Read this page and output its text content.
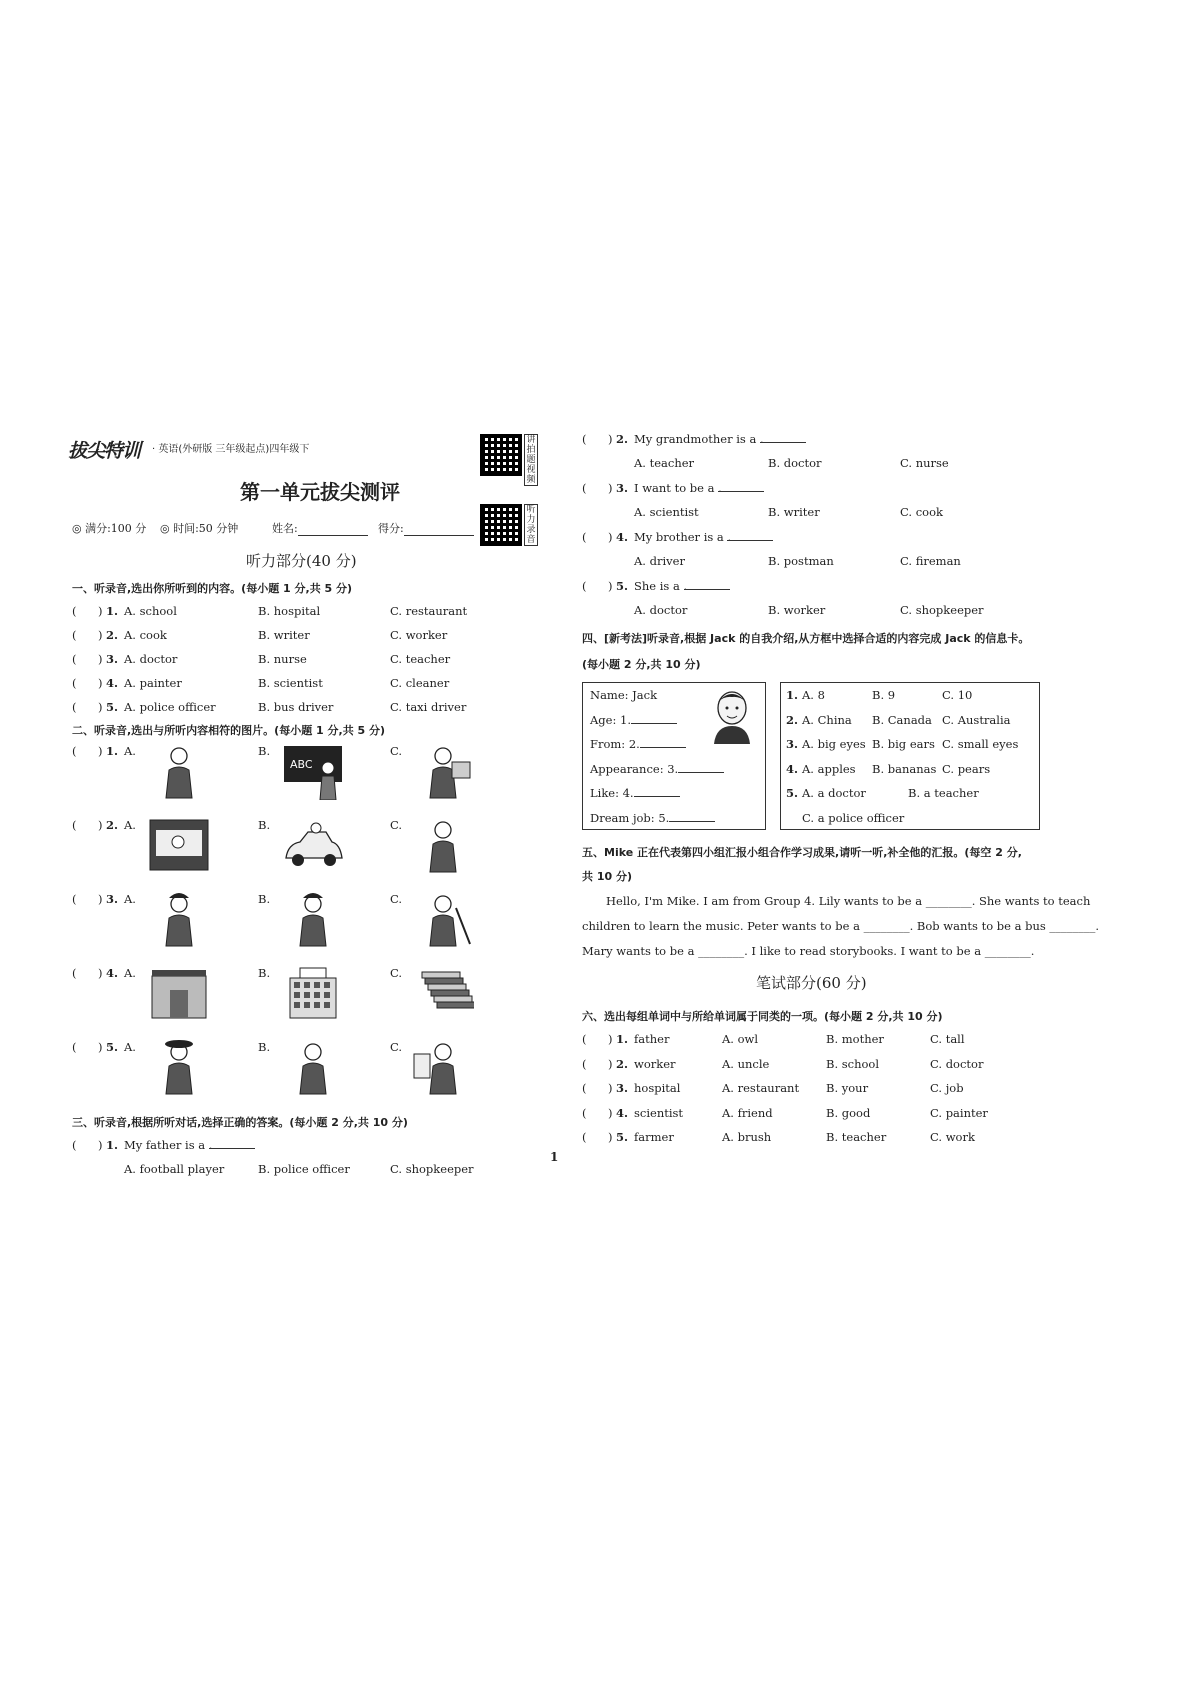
拔尖特训 · 英语(外研版 三年级起点)四年级下
第一单元拔尖测评
讲拍题视频
听力录音
◎ 满分:100 分 ◎ 时间:50 分钟	姓名:	得分:
听力部分(40 分)
一、听录音,选出你所听到的内容。(每小题 1 分,共 5 分)
( ) 1. A. school	B. hospital	C. restaurant
( ) 2. A. cook	B. writer	C. worker
( ) 3. A. doctor	B. nurse	C. teacher
( ) 4. A. painter	B. scientist	C. cleaner
( ) 5. A. police officer	B. bus driver	C. taxi driver
二、听录音,选出与所听内容相符的图片。(每小题 1 分,共 5 分)
( ) 1. A.	B.	C.
ABC
( ) 2. A.	B.	C.
( ) 3. A.	B.	C.
( ) 4. A.	B.	C.
( ) 5. A.	B.	C.
三、听录音,根据所听对话,选择正确的答案。(每小题 2 分,共 10 分)
( ) 1. My father is a .
A. football player	B. police officer	C. shopkeeper
( ) 2. My grandmother is a .
A. teacher	B. doctor	C. nurse
( ) 3. I want to be a .
A. scientist	B. writer	C. cook
( ) 4. My brother is a .
A. driver	B. postman	C. fireman
( ) 5. She is a .
A. doctor	B. worker	C. shopkeeper
四、[新考法]听录音,根据 Jack 的自我介绍,从方框中选择合适的内容完成 Jack 的信息卡。
(每小题 2 分,共 10 分)
Name: Jack
Age: 1.
From: 2.
Appearance: 3.
Like: 4.
Dream job: 5.
1. A. 8	B. 9	C. 10
2. A. China B. Canada C. Australia
3. A. big eyes B. big ears C. small eyes
4. A. apples B. bananas C. pears
5. A. a doctor	B. a teacher
C. a police officer
五、Mike 正在代表第四小组汇报小组合作学习成果,请听一听,补全他的汇报。(每空 2 分,
共 10 分)
Hello, I'm Mike. I am from Group 4. Lily wants to be a ________. She wants to teach
children to learn the music. Peter wants to be a ________. Bob wants to be a bus ________.
Mary wants to be a ________. I like to read storybooks. I want to be a ________.
笔试部分(60 分)
六、选出每组单词中与所给单词属于同类的一项。(每小题 2 分,共 10 分)
( ) 1. father	A. owl	B. mother	C. tall
( ) 2. worker	A. uncle	B. school	C. doctor
( ) 3. hospital	A. restaurant B. your	C. job
( ) 4. scientist	A. friend	B. good	C. painter
( ) 5. farmer	A. brush	B. teacher	C. work
1
